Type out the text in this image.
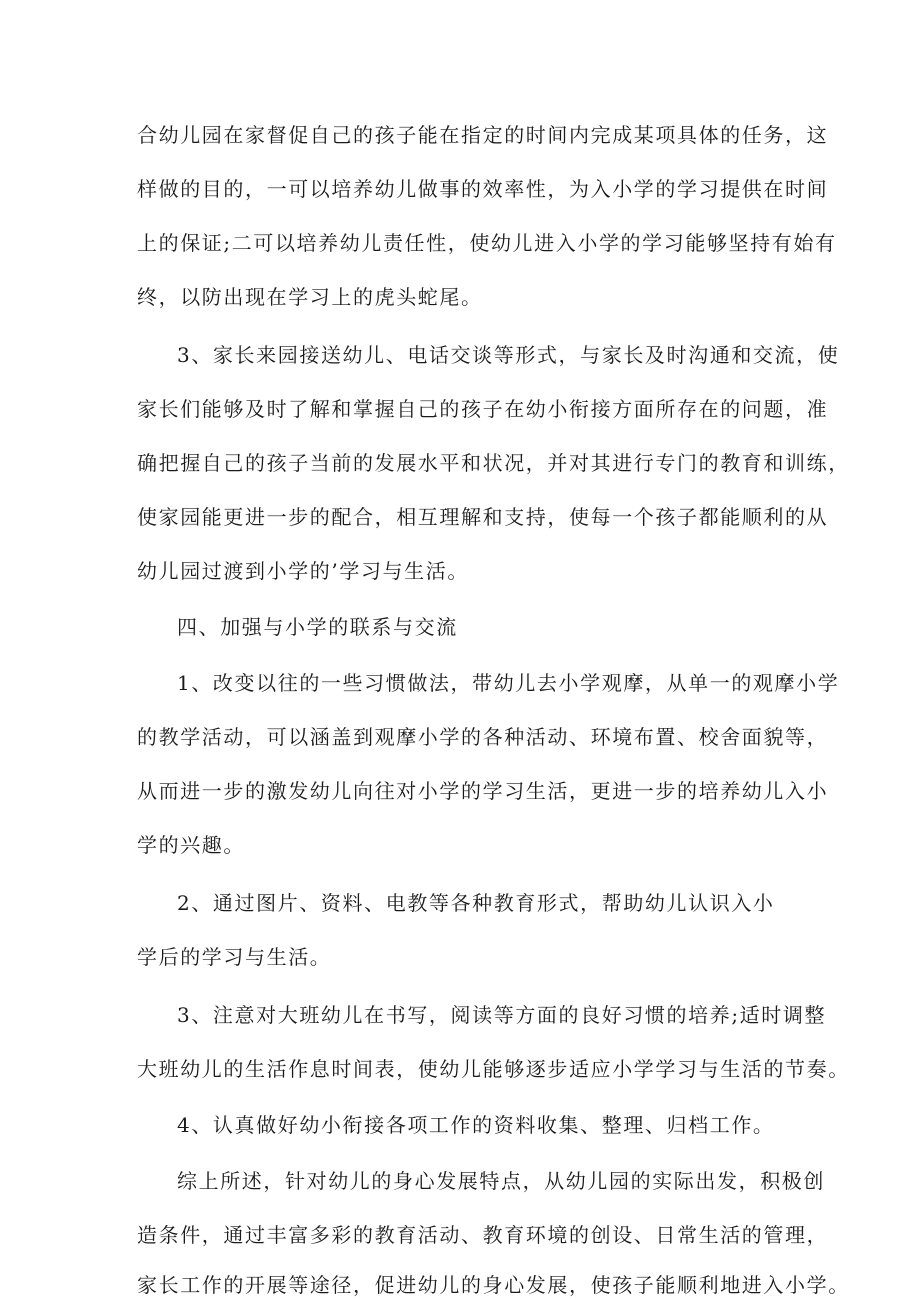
合幼儿园在家督促自己的孩子能在指定的时间内完成某项具体的任务，这
样做的目的，一可以培养幼儿做事的效率性，为入小学的学习提供在时间
上的保证;二可以培养幼儿责任性，使幼儿进入小学的学习能够坚持有始有
终，以防出现在学习上的虎头蛇尾。
3、家长来园接送幼儿、电话交谈等形式，与家长及时沟通和交流，使
家长们能够及时了解和掌握自己的孩子在幼小衔接方面所存在的问题，准
确把握自己的孩子当前的发展水平和状况，并对其进行专门的教育和训练，
使家园能更进一步的配合，相互理解和支持，使每一个孩子都能顺利的从
幼儿园过渡到小学的’学习与生活。
四、加强与小学的联系与交流
1、改变以往的一些习惯做法，带幼儿去小学观摩，从单一的观摩小学
的教学活动，可以涵盖到观摩小学的各种活动、环境布置、校舍面貌等，
从而进一步的激发幼儿向往对小学的学习生活，更进一步的培养幼儿入小
学的兴趣。
2、通过图片、资料、电教等各种教育形式，帮助幼儿认识入小
学后的学习与生活。
3、注意对大班幼儿在书写，阅读等方面的良好习惯的培养;适时调整
大班幼儿的生活作息时间表，使幼儿能够逐步适应小学学习与生活的节奏。
4、认真做好幼小衔接各项工作的资料收集、整理、归档工作。
综上所述，针对幼儿的身心发展特点，从幼儿园的实际出发，积极创
造条件，通过丰富多彩的教育活动、教育环境的创设、日常生活的管理，
家长工作的开展等途径，促进幼儿的身心发展，使孩子能顺利地进入小学。
